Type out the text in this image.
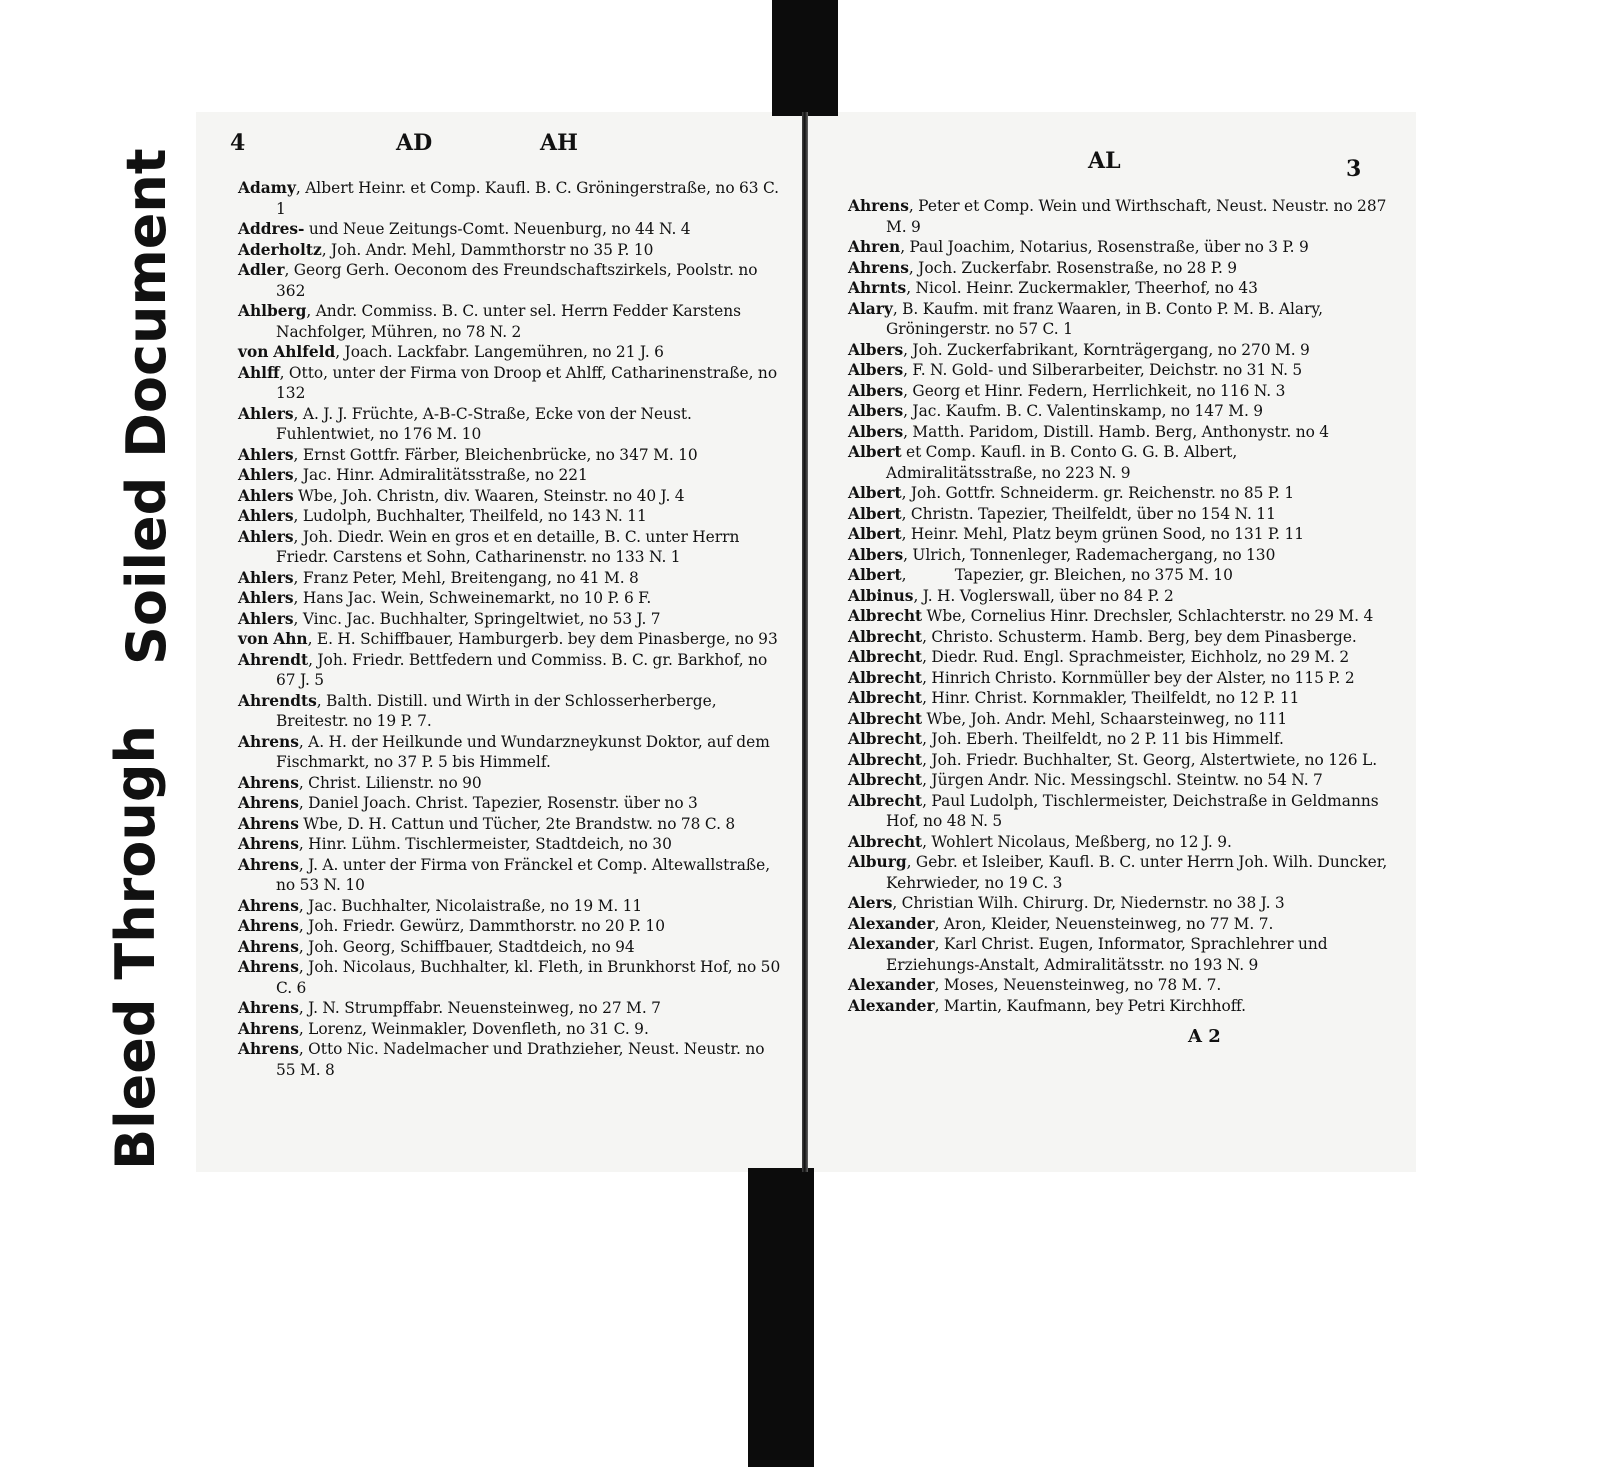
Bleed Through
Soiled Document
4	AD	AH
Adamy, Albert Heinr. et Comp. Kaufl. B. C. Gröningerstraße, no 63 C. 1
Addres- und Neue Zeitungs-Comt. Neuenburg, no 44 N. 4
Aderholtz, Joh. Andr. Mehl, Dammthorstr no 35 P. 10
Adler, Georg Gerh. Oeconom des Freundschaftszirkels, Poolstr. no 362
Ahlberg, Andr. Commiss. B. C. unter sel. Herrn Fedder Karstens Nachfolger, Mühren, no 78 N. 2
von Ahlfeld, Joach. Lackfabr. Langemühren, no 21 J. 6
Ahlff, Otto, unter der Firma von Droop et Ahlff, Catharinenstraße, no 132
Ahlers, A. J. J. Früchte, A-B-C-Straße, Ecke von der Neust. Fuhlentwiet, no 176 M. 10
Ahlers, Ernst Gottfr. Färber, Bleichenbrücke, no 347 M. 10
Ahlers, Jac. Hinr. Admiralitätsstraße, no 221
Ahlers Wbe, Joh. Christn, div. Waaren, Steinstr. no 40 J. 4
Ahlers, Ludolph, Buchhalter, Theilfeld, no 143 N. 11
Ahlers, Joh. Diedr. Wein en gros et en detaille, B. C. unter Herrn Friedr. Carstens et Sohn, Catharinenstr. no 133 N. 1
Ahlers, Franz Peter, Mehl, Breitengang, no 41 M. 8
Ahlers, Hans Jac. Wein, Schweinemarkt, no 10 P. 6 F.
Ahlers, Vinc. Jac. Buchhalter, Springeltwiet, no 53 J. 7
von Ahn, E. H. Schiffbauer, Hamburgerb. bey dem Pinasberge, no 93
Ahrendt, Joh. Friedr. Bettfedern und Commiss. B. C. gr. Barkhof, no 67 J. 5
Ahrendts, Balth. Distill. und Wirth in der Schlosserherberge, Breitestr. no 19 P. 7.
Ahrens, A. H. der Heilkunde und Wundarzneykunst Doktor, auf dem Fischmarkt, no 37 P. 5 bis Himmelf.
Ahrens, Christ. Lilienstr. no 90
Ahrens, Daniel Joach. Christ. Tapezier, Rosenstr. über no 3
Ahrens Wbe, D. H. Cattun und Tücher, 2te Brandstw. no 78 C. 8
Ahrens, Hinr. Lühm. Tischlermeister, Stadtdeich, no 30
Ahrens, J. A. unter der Firma von Fränckel et Comp. Altewallstraße, no 53 N. 10
Ahrens, Jac. Buchhalter, Nicolaistraße, no 19 M. 11
Ahrens, Joh. Friedr. Gewürz, Dammthorstr. no 20 P. 10
Ahrens, Joh. Georg, Schiffbauer, Stadtdeich, no 94
Ahrens, Joh. Nicolaus, Buchhalter, kl. Fleth, in Brunkhorst Hof, no 50 C. 6
Ahrens, J. N. Strumpffabr. Neuensteinweg, no 27 M. 7
Ahrens, Lorenz, Weinmakler, Dovenfleth, no 31 C. 9.
Ahrens, Otto Nic. Nadelmacher und Drathzieher, Neust. Neustr. no 55 M. 8
AL	3
Ahrens, Peter et Comp. Wein und Wirthschaft, Neust. Neustr. no 287 M. 9
Ahren, Paul Joachim, Notarius, Rosenstraße, über no 3 P. 9
Ahrens, Joch. Zuckerfabr. Rosenstraße, no 28 P. 9
Ahrnts, Nicol. Heinr. Zuckermakler, Theerhof, no 43
Alary, B. Kaufm. mit franz Waaren, in B. Conto P. M. B. Alary, Gröningerstr. no 57 C. 1
Albers, Joh. Zuckerfabrikant, Kornträgergang, no 270 M. 9
Albers, F. N. Gold- und Silberarbeiter, Deichstr. no 31 N. 5
Albers, Georg et Hinr. Federn, Herrlichkeit, no 116 N. 3
Albers, Jac. Kaufm. B. C. Valentinskamp, no 147 M. 9
Albers, Matth. Paridom, Distill. Hamb. Berg, Anthonystr. no 4
Albert et Comp. Kaufl. in B. Conto G. G. B. Albert, Admiralitätsstraße, no 223 N. 9
Albert, Joh. Gottfr. Schneiderm. gr. Reichenstr. no 85 P. 1
Albert, Christn. Tapezier, Theilfeldt, über no 154 N. 11
Albert, Heinr. Mehl, Platz beym grünen Sood, no 131 P. 11
Albers, Ulrich, Tonnenleger, Rademachergang, no 130
Albert,           Tapezier, gr. Bleichen, no 375 M. 10
Albinus, J. H. Voglerswall, über no 84 P. 2
Albrecht Wbe, Cornelius Hinr. Drechsler, Schlachterstr. no 29 M. 4
Albrecht, Christo. Schusterm. Hamb. Berg, bey dem Pinasberge.
Albrecht, Diedr. Rud. Engl. Sprachmeister, Eichholz, no 29 M. 2
Albrecht, Hinrich Christo. Kornmüller bey der Alster, no 115 P. 2
Albrecht, Hinr. Christ. Kornmakler, Theilfeldt, no 12 P. 11
Albrecht Wbe, Joh. Andr. Mehl, Schaarsteinweg, no 111
Albrecht, Joh. Eberh. Theilfeldt, no 2 P. 11 bis Himmelf.
Albrecht, Joh. Friedr. Buchhalter, St. Georg, Alstertwiete, no 126 L.
Albrecht, Jürgen Andr. Nic. Messingschl. Steintw. no 54 N. 7
Albrecht, Paul Ludolph, Tischlermeister, Deichstraße in Geldmanns Hof, no 48 N. 5
Albrecht, Wohlert Nicolaus, Meßberg, no 12 J. 9.
Alburg, Gebr. et Isleiber, Kaufl. B. C. unter Herrn Joh. Wilh. Duncker, Kehrwieder, no 19 C. 3
Alers, Christian Wilh. Chirurg. Dr, Niedernstr. no 38 J. 3
Alexander, Aron, Kleider, Neuensteinweg, no 77 M. 7.
Alexander, Karl Christ. Eugen, Informator, Sprachlehrer und Erziehungs-Anstalt, Admiralitätsstr. no 193 N. 9
Alexander, Moses, Neuensteinweg, no 78 M. 7.
Alexander, Martin, Kaufmann, bey Petri Kirchhoff.
A 2
